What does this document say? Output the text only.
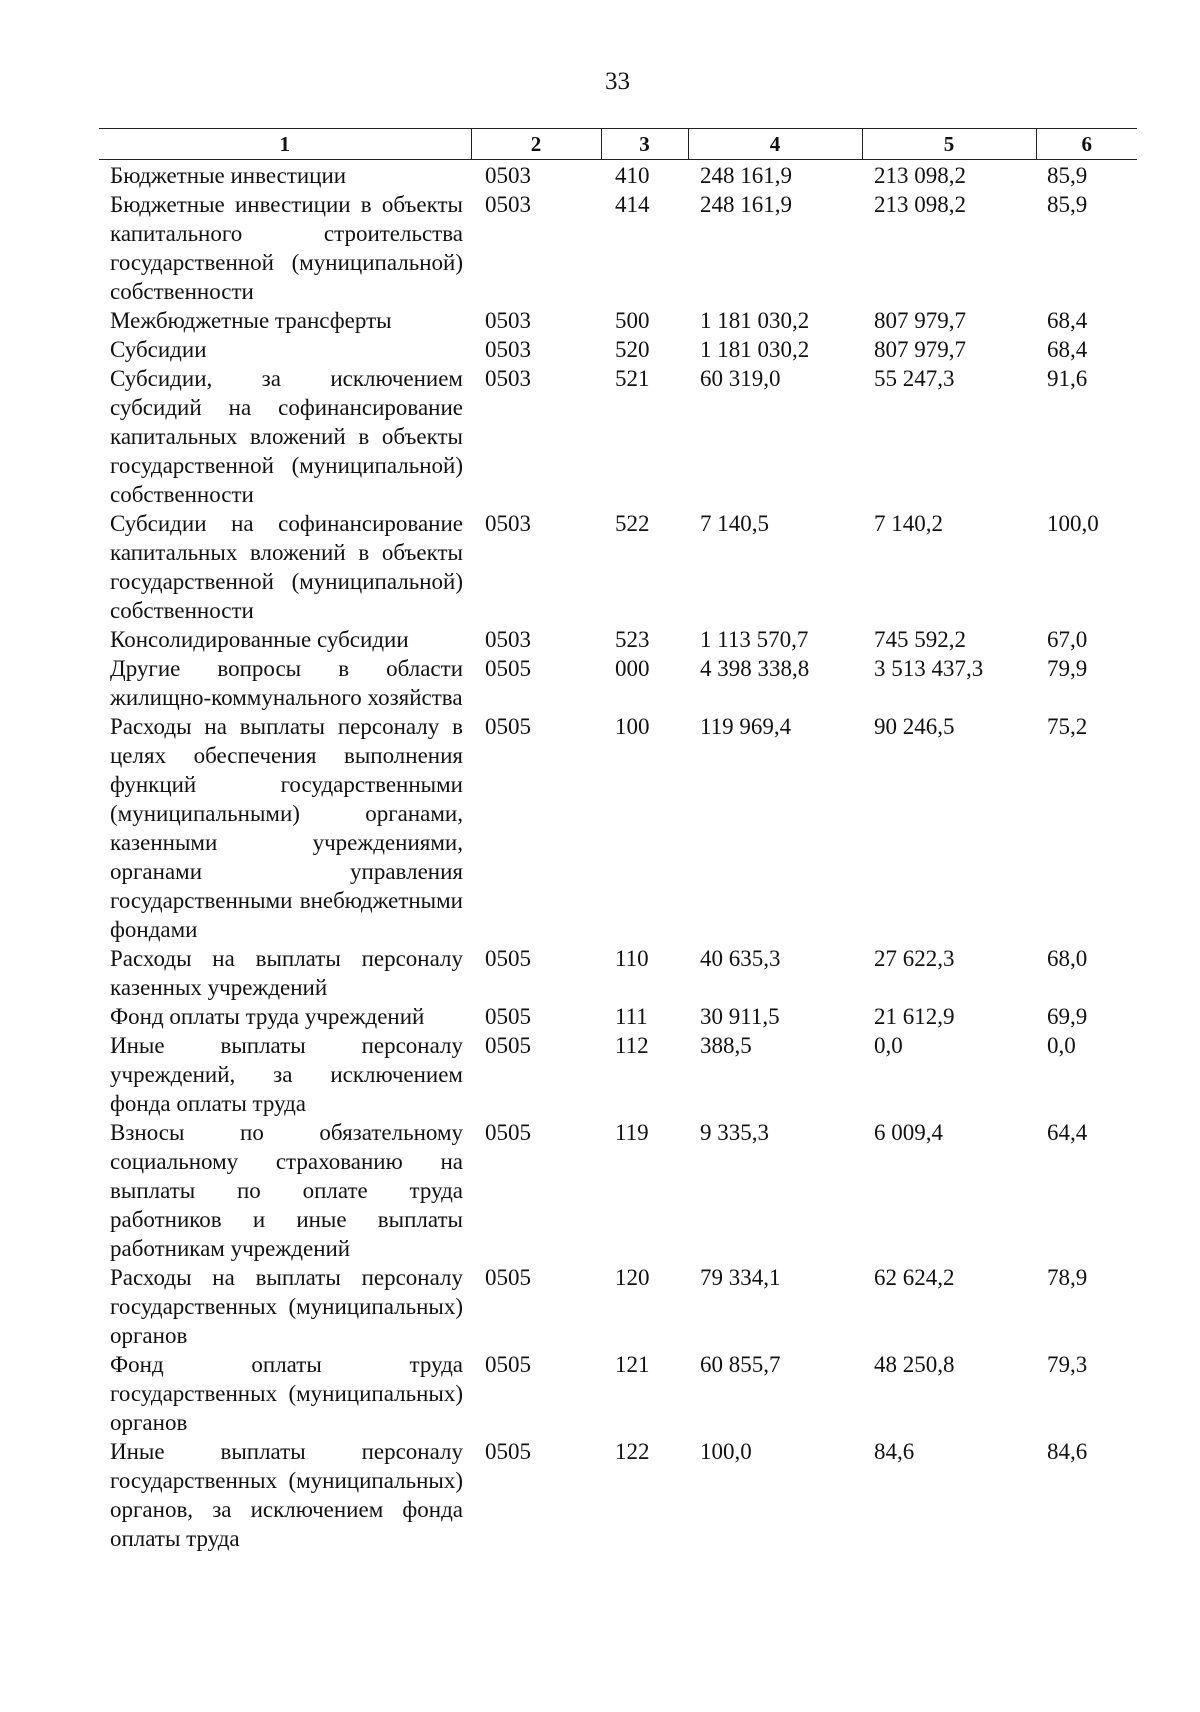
33
1	2	3	4	5	6
Бюджетные инвестиции	0503	410	248 161,9	213 098,2	85,9
Бюджетные инвестиции в объекты капитального строительства государственной (муниципальной) собственности	0503	414	248 161,9	213 098,2	85,9
Межбюджетные трансферты	0503	500	1 181 030,2	807 979,7	68,4
Субсидии	0503	520	1 181 030,2	807 979,7	68,4
Субсидии, за исключением субсидий на софинансирование капитальных вложений в объекты государственной (муниципальной) собственности	0503	521	60 319,0	55 247,3	91,6
Субсидии на софинансирование капитальных вложений в объекты государственной (муниципальной) собственности	0503	522	7 140,5	7 140,2	100,0
Консолидированные субсидии	0503	523	1 113 570,7	745 592,2	67,0
Другие вопросы в области жилищно-коммунального хозяйства	0505	000	4 398 338,8	3 513 437,3	79,9
Расходы на выплаты персоналу в целях обеспечения выполнения функций государственными (муниципальными) органами, казенными учреждениями, органами управления государственными внебюджетными фондами	0505	100	119 969,4	90 246,5	75,2
Расходы на выплаты персоналу казенных учреждений	0505	110	40 635,3	27 622,3	68,0
Фонд оплаты труда учреждений	0505	111	30 911,5	21 612,9	69,9
Иные выплаты персоналу учреждений, за исключением фонда оплаты труда	0505	112	388,5	0,0	0,0
Взносы по обязательному социальному страхованию на выплаты по оплате труда работников и иные выплаты работникам учреждений	0505	119	9 335,3	6 009,4	64,4
Расходы на выплаты персоналу государственных (муниципальных) органов	0505	120	79 334,1	62 624,2	78,9
Фонд оплаты труда государственных (муниципальных) органов	0505	121	60 855,7	48 250,8	79,3
Иные выплаты персоналу государственных (муниципальных) органов, за исключением фонда оплаты труда	0505	122	100,0	84,6	84,6
